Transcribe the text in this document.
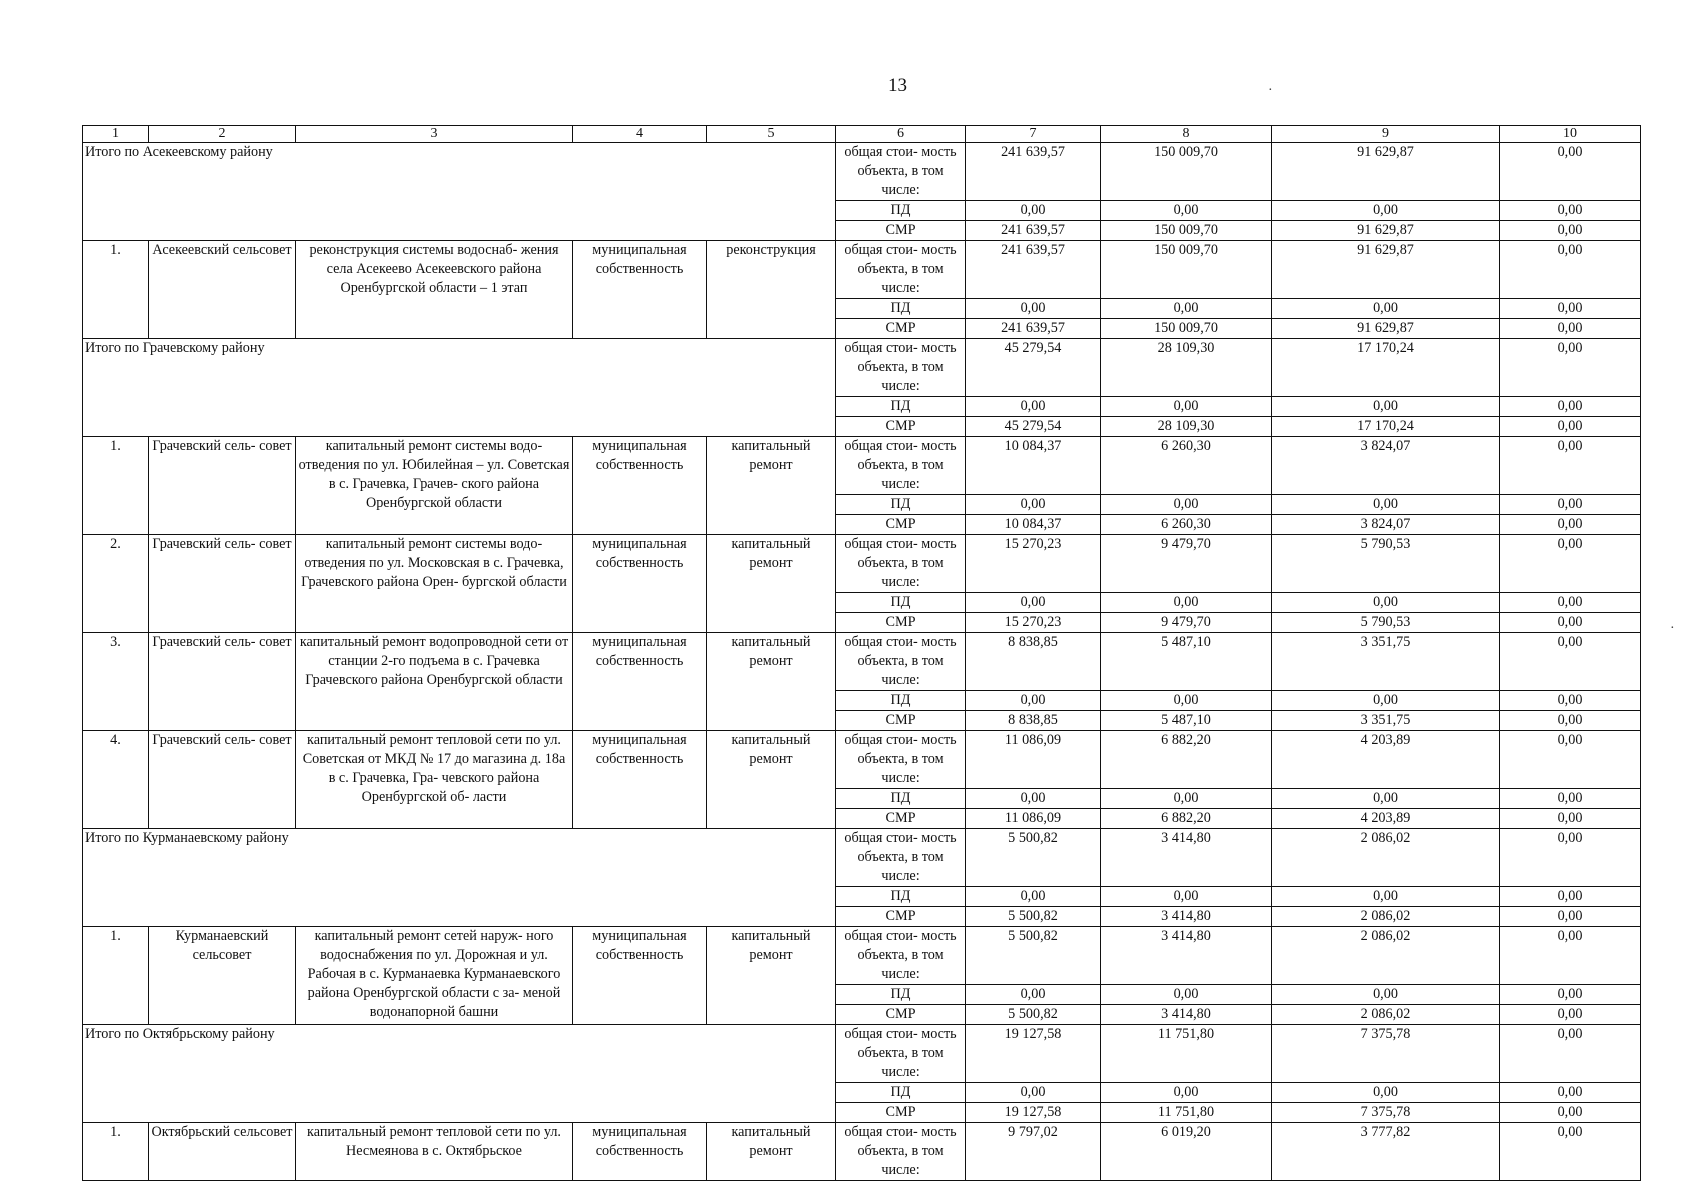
13	·
·
1	2	3	4	5	6	7	8	9	10
Итого по Асекеевскому району					общая стои- мость объекта, в том числе:	241 639,57	150 009,70	91 629,87	0,00
					ПД	0,00	0,00	0,00	0,00
					СМР	241 639,57	150 009,70	91 629,87	0,00
1.	Асекеевский сельсовет	реконструкция системы водоснаб- жения села Асекеево Асекеевского района Оренбургской области – 1 этап	муниципальная собственность	реконструкция	общая стои- мость объекта, в том числе:	241 639,57	150 009,70	91 629,87	0,00
					ПД	0,00	0,00	0,00	0,00
					СМР	241 639,57	150 009,70	91 629,87	0,00
Итого по Грачевскому району					общая стои- мость объекта, в том числе:	45 279,54	28 109,30	17 170,24	0,00
					ПД	0,00	0,00	0,00	0,00
					СМР	45 279,54	28 109,30	17 170,24	0,00
1.	Грачевский сель- совет	капитальный ремонт системы водо- отведения по ул. Юбилейная – ул. Советская в с. Грачевка, Грачев- ского района Оренбургской области	муниципальная собственность	капитальный ремонт	общая стои- мость объекта, в том числе:	10 084,37	6 260,30	3 824,07	0,00
					ПД	0,00	0,00	0,00	0,00
					СМР	10 084,37	6 260,30	3 824,07	0,00
2.	Грачевский сель- совет	капитальный ремонт системы водо- отведения по ул. Московская в с. Грачевка, Грачевского района Орен- бургской области	муниципальная собственность	капитальный ремонт	общая стои- мость объекта, в том числе:	15 270,23	9 479,70	5 790,53	0,00
					ПД	0,00	0,00	0,00	0,00
					СМР	15 270,23	9 479,70	5 790,53	0,00
3.	Грачевский сель- совет	капитальный ремонт водопроводной сети от станции 2-го подъема в с. Грачевка Грачевского района Оренбургской области	муниципальная собственность	капитальный ремонт	общая стои- мость объекта, в том числе:	8 838,85	5 487,10	3 351,75	0,00
					ПД	0,00	0,00	0,00	0,00
					СМР	8 838,85	5 487,10	3 351,75	0,00
4.	Грачевский сель- совет	капитальный ремонт тепловой сети по ул. Советская от МКД № 17 до магазина д. 18а в с. Грачевка, Гра- чевского района Оренбургской об- ласти	муниципальная собственность	капитальный ремонт	общая стои- мость объекта, в том числе:	11 086,09	6 882,20	4 203,89	0,00
					ПД	0,00	0,00	0,00	0,00
					СМР	11 086,09	6 882,20	4 203,89	0,00
Итого по Курманаевскому району					общая стои- мость объекта, в том числе:	5 500,82	3 414,80	2 086,02	0,00
					ПД	0,00	0,00	0,00	0,00
					СМР	5 500,82	3 414,80	2 086,02	0,00
1.	Курманаевский сельсовет	капитальный ремонт сетей наруж- ного водоснабжения по ул. Дорожная и ул. Рабочая в с. Курманаевка Курманаевского района Оренбургской области с за- меной водонапорной башни	муниципальная собственность	капитальный ремонт	общая стои- мость объекта, в том числе:	5 500,82	3 414,80	2 086,02	0,00
					ПД	0,00	0,00	0,00	0,00
					СМР	5 500,82	3 414,80	2 086,02	0,00
Итого по Октябрьскому району					общая стои- мость объекта, в том числе:	19 127,58	11 751,80	7 375,78	0,00
					ПД	0,00	0,00	0,00	0,00
					СМР	19 127,58	11 751,80	7 375,78	0,00
1.	Октябрьский сельсовет	капитальный ремонт тепловой сети по ул. Несмеянова в с. Октябрьское	муниципальная собственность	капитальный ремонт	общая стои- мость объекта, в том числе:	9 797,02	6 019,20	3 777,82	0,00
